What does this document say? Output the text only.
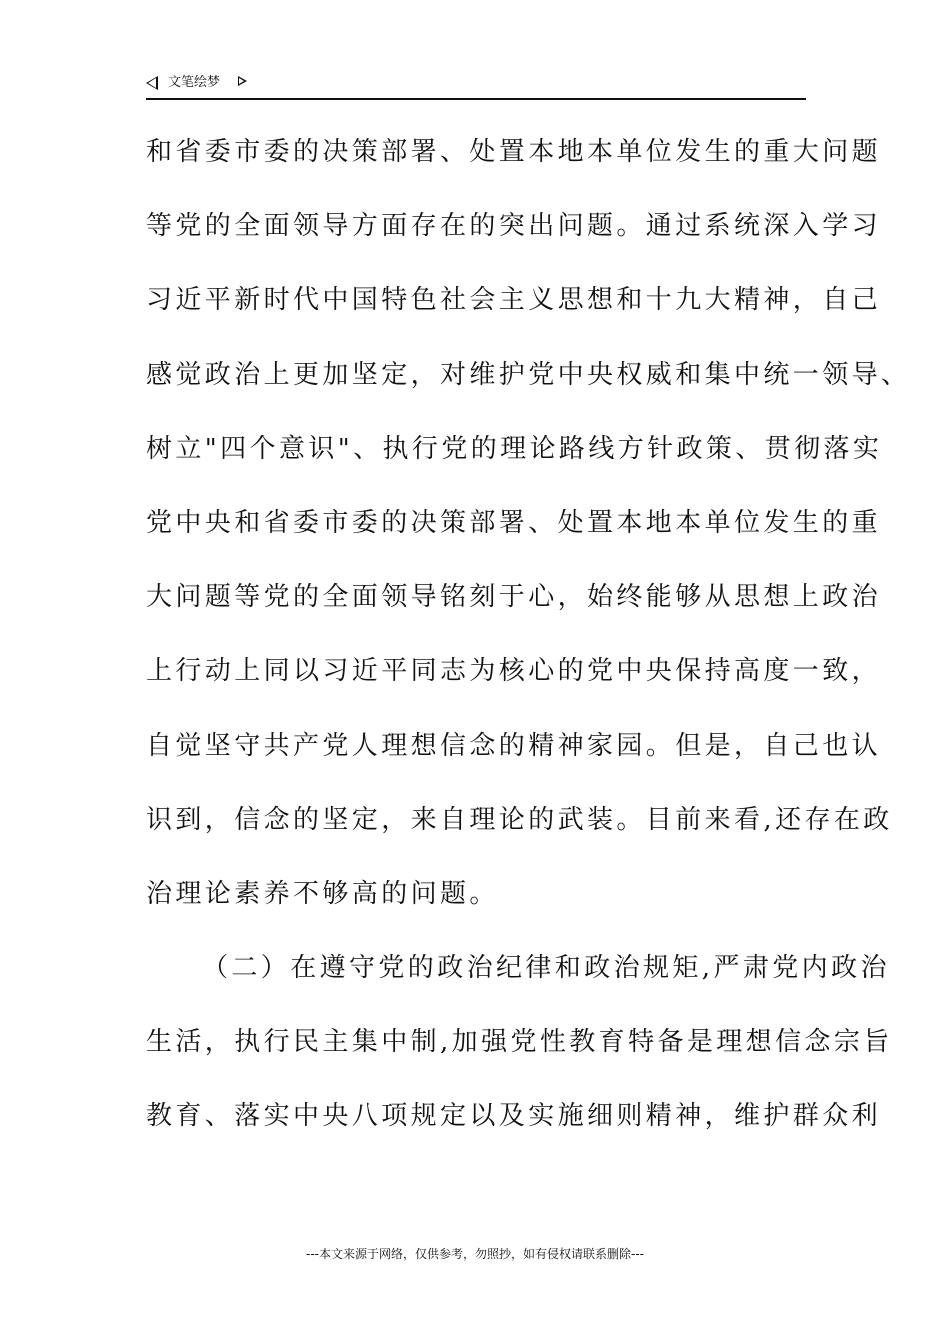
文笔绘梦
和省委市委的决策部署、处置本地本单位发生的重大问题
等党的全面领导方面存在的突出问题。通过系统深入学习
习近平新时代中国特色社会主义思想和十九大精神，自己
感觉政治上更加坚定，对维护党中央权威和集中统一领导、
树立"四个意识"、执行党的理论路线方针政策、贯彻落实
党中央和省委市委的决策部署、处置本地本单位发生的重
大问题等党的全面领导铭刻于心，始终能够从思想上政治
上行动上同以习近平同志为核心的党中央保持高度一致，
自觉坚守共产党人理想信念的精神家园。但是，自己也认
识到，信念的坚定，来自理论的武装。目前来看,还存在政
治理论素养不够高的问题。
（二）在遵守党的政治纪律和政治规矩,严肃党内政治
生活，执行民主集中制,加强党性教育特备是理想信念宗旨
教育、落实中央八项规定以及实施细则精神，维护群众利
---本文来源于网络，仅供参考，勿照抄，如有侵权请联系删除---
